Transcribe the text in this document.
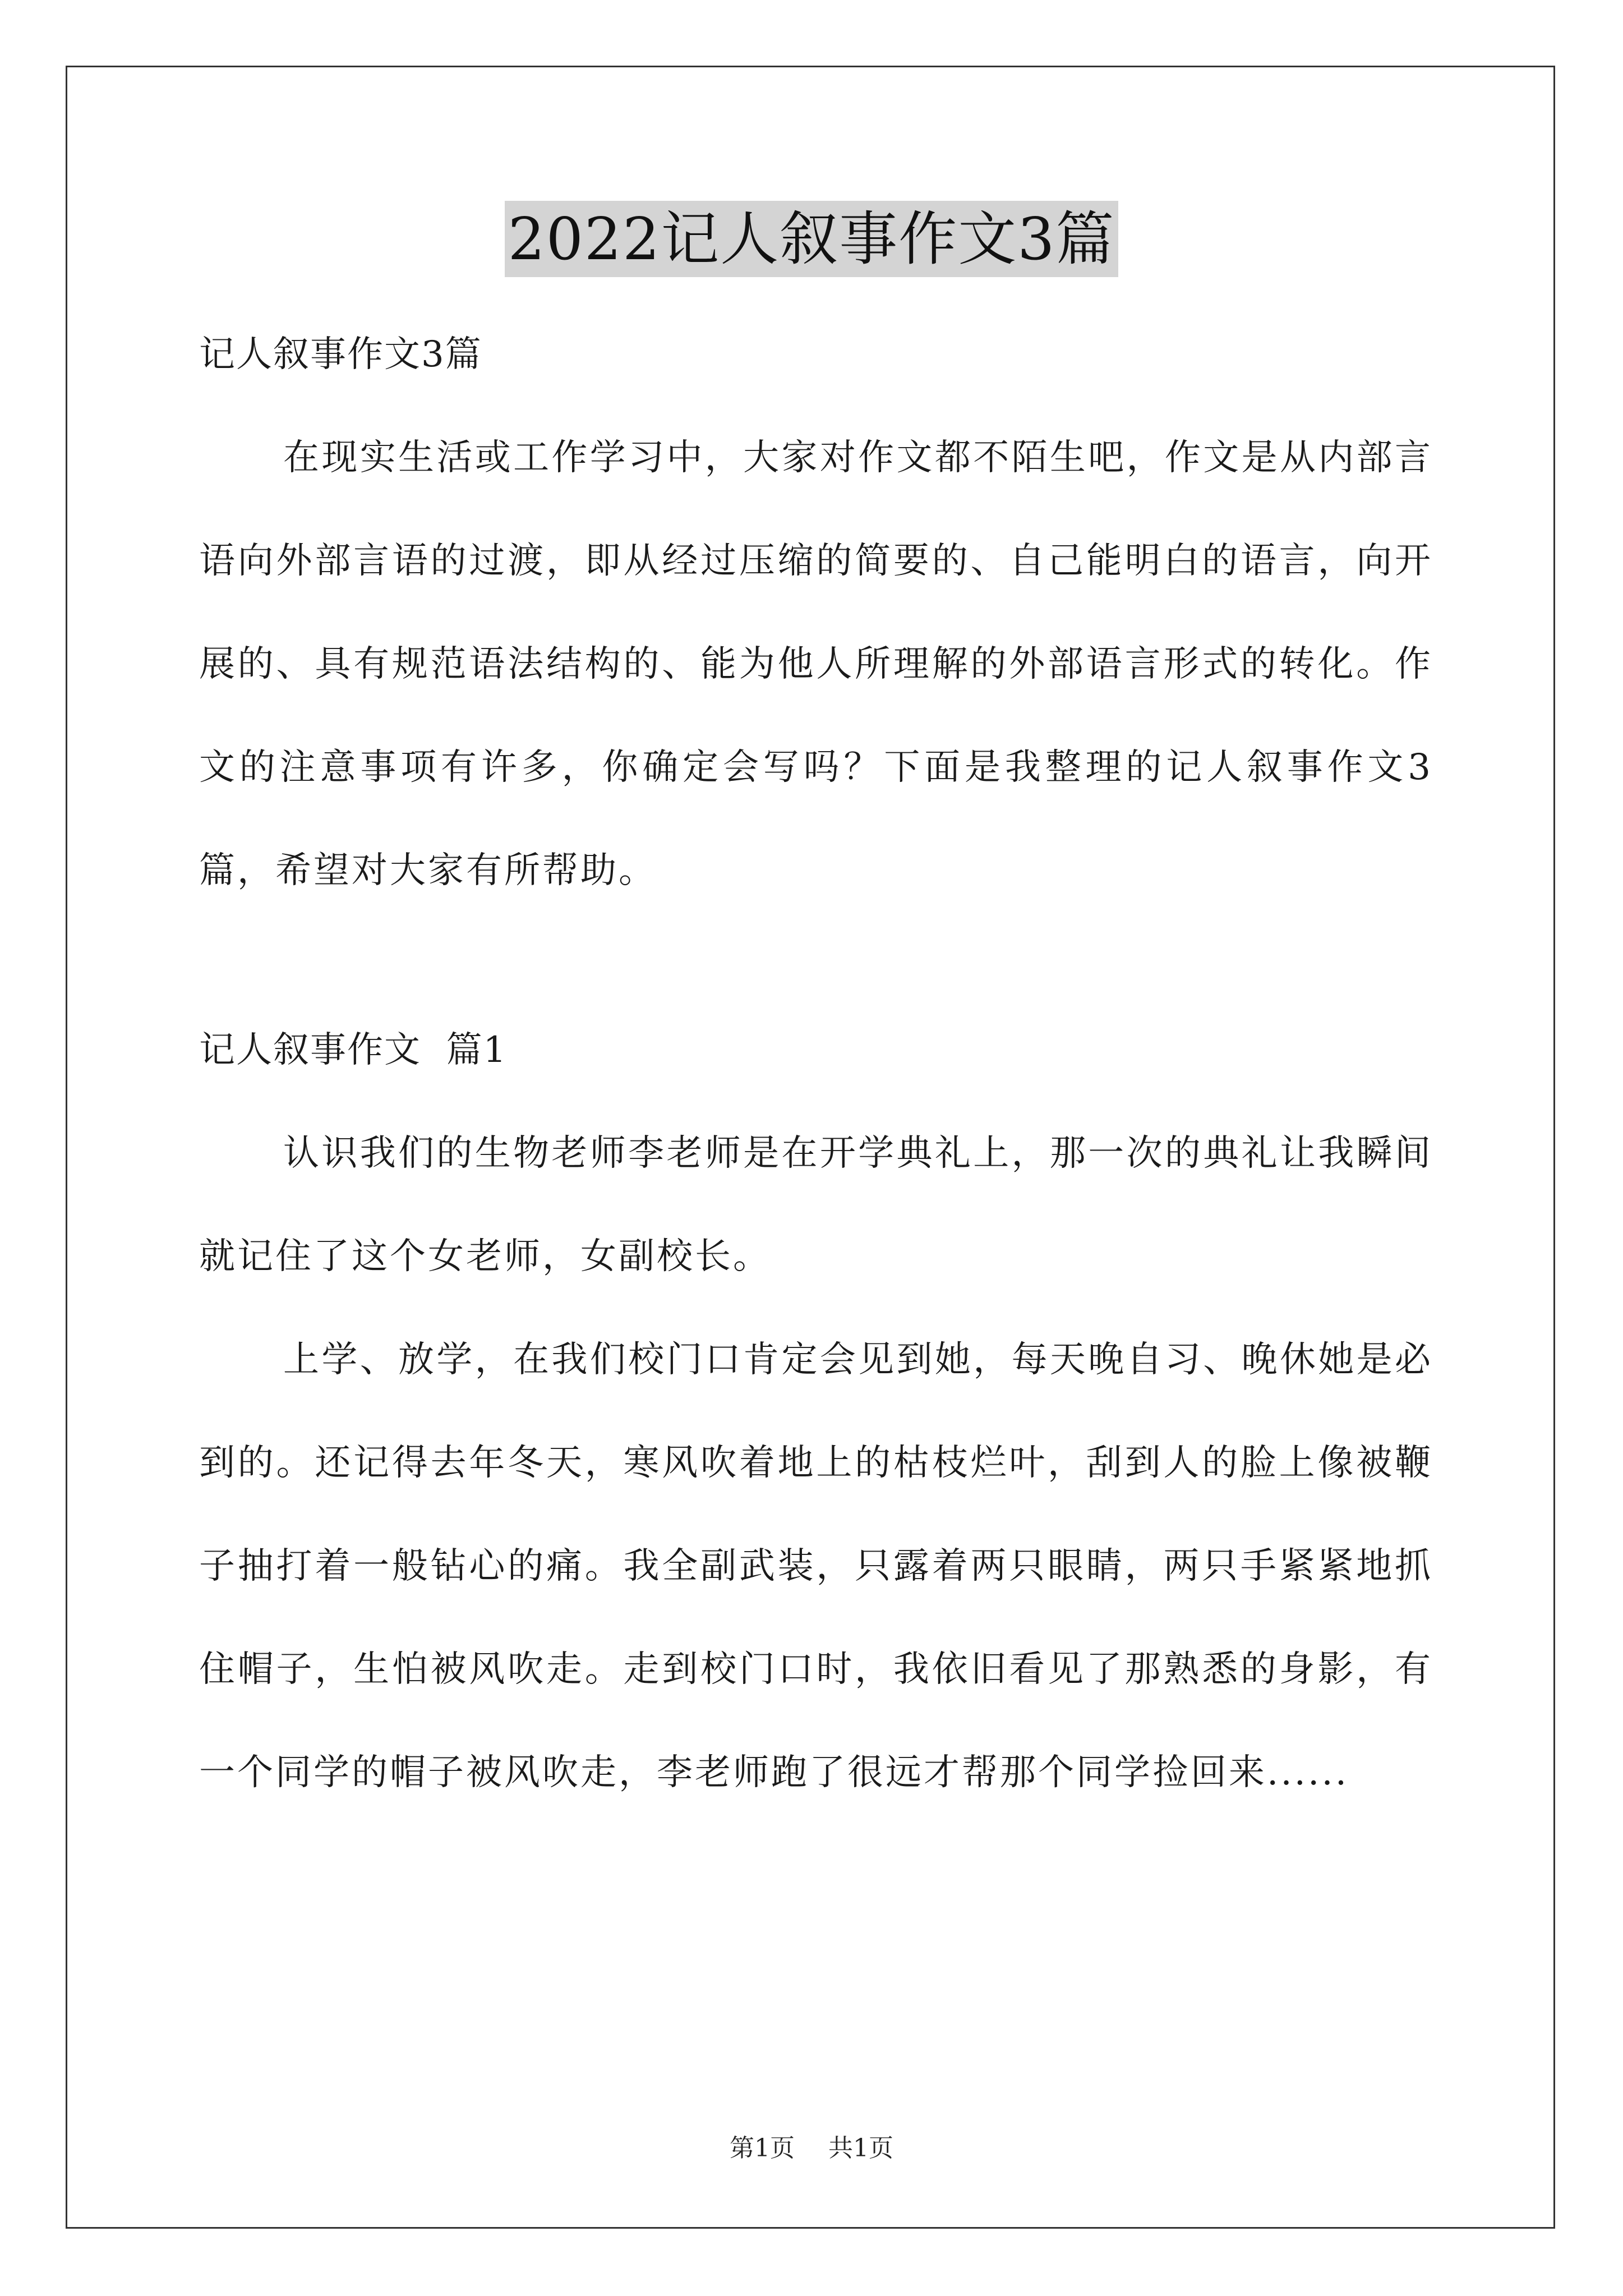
2022记人叙事作文3篇

记人叙事作文3篇

在现实生活或工作学习中，大家对作文都不陌生吧，作文是从内部言语向外部言语的过渡，即从经过压缩的简要的、自己能明白的语言，向开展的、具有规范语法结构的、能为他人所理解的外部语言形式的转化。作文的注意事项有许多，你确定会写吗？下面是我整理的记人叙事作文3篇，希望对大家有所帮助。

记人叙事作文  篇1

认识我们的生物老师李老师是在开学典礼上，那一次的典礼让我瞬间就记住了这个女老师，女副校长。

上学、放学，在我们校门口肯定会见到她，每天晚自习、晚休她是必到的。还记得去年冬天，寒风吹着地上的枯枝烂叶，刮到人的脸上像被鞭子抽打着一般钻心的痛。我全副武装，只露着两只眼睛，两只手紧紧地抓住帽子，生怕被风吹走。走到校门口时，我依旧看见了那熟悉的身影，有一个同学的帽子被风吹走，李老师跑了很远才帮那个同学捡回来......

第1页 共1页
